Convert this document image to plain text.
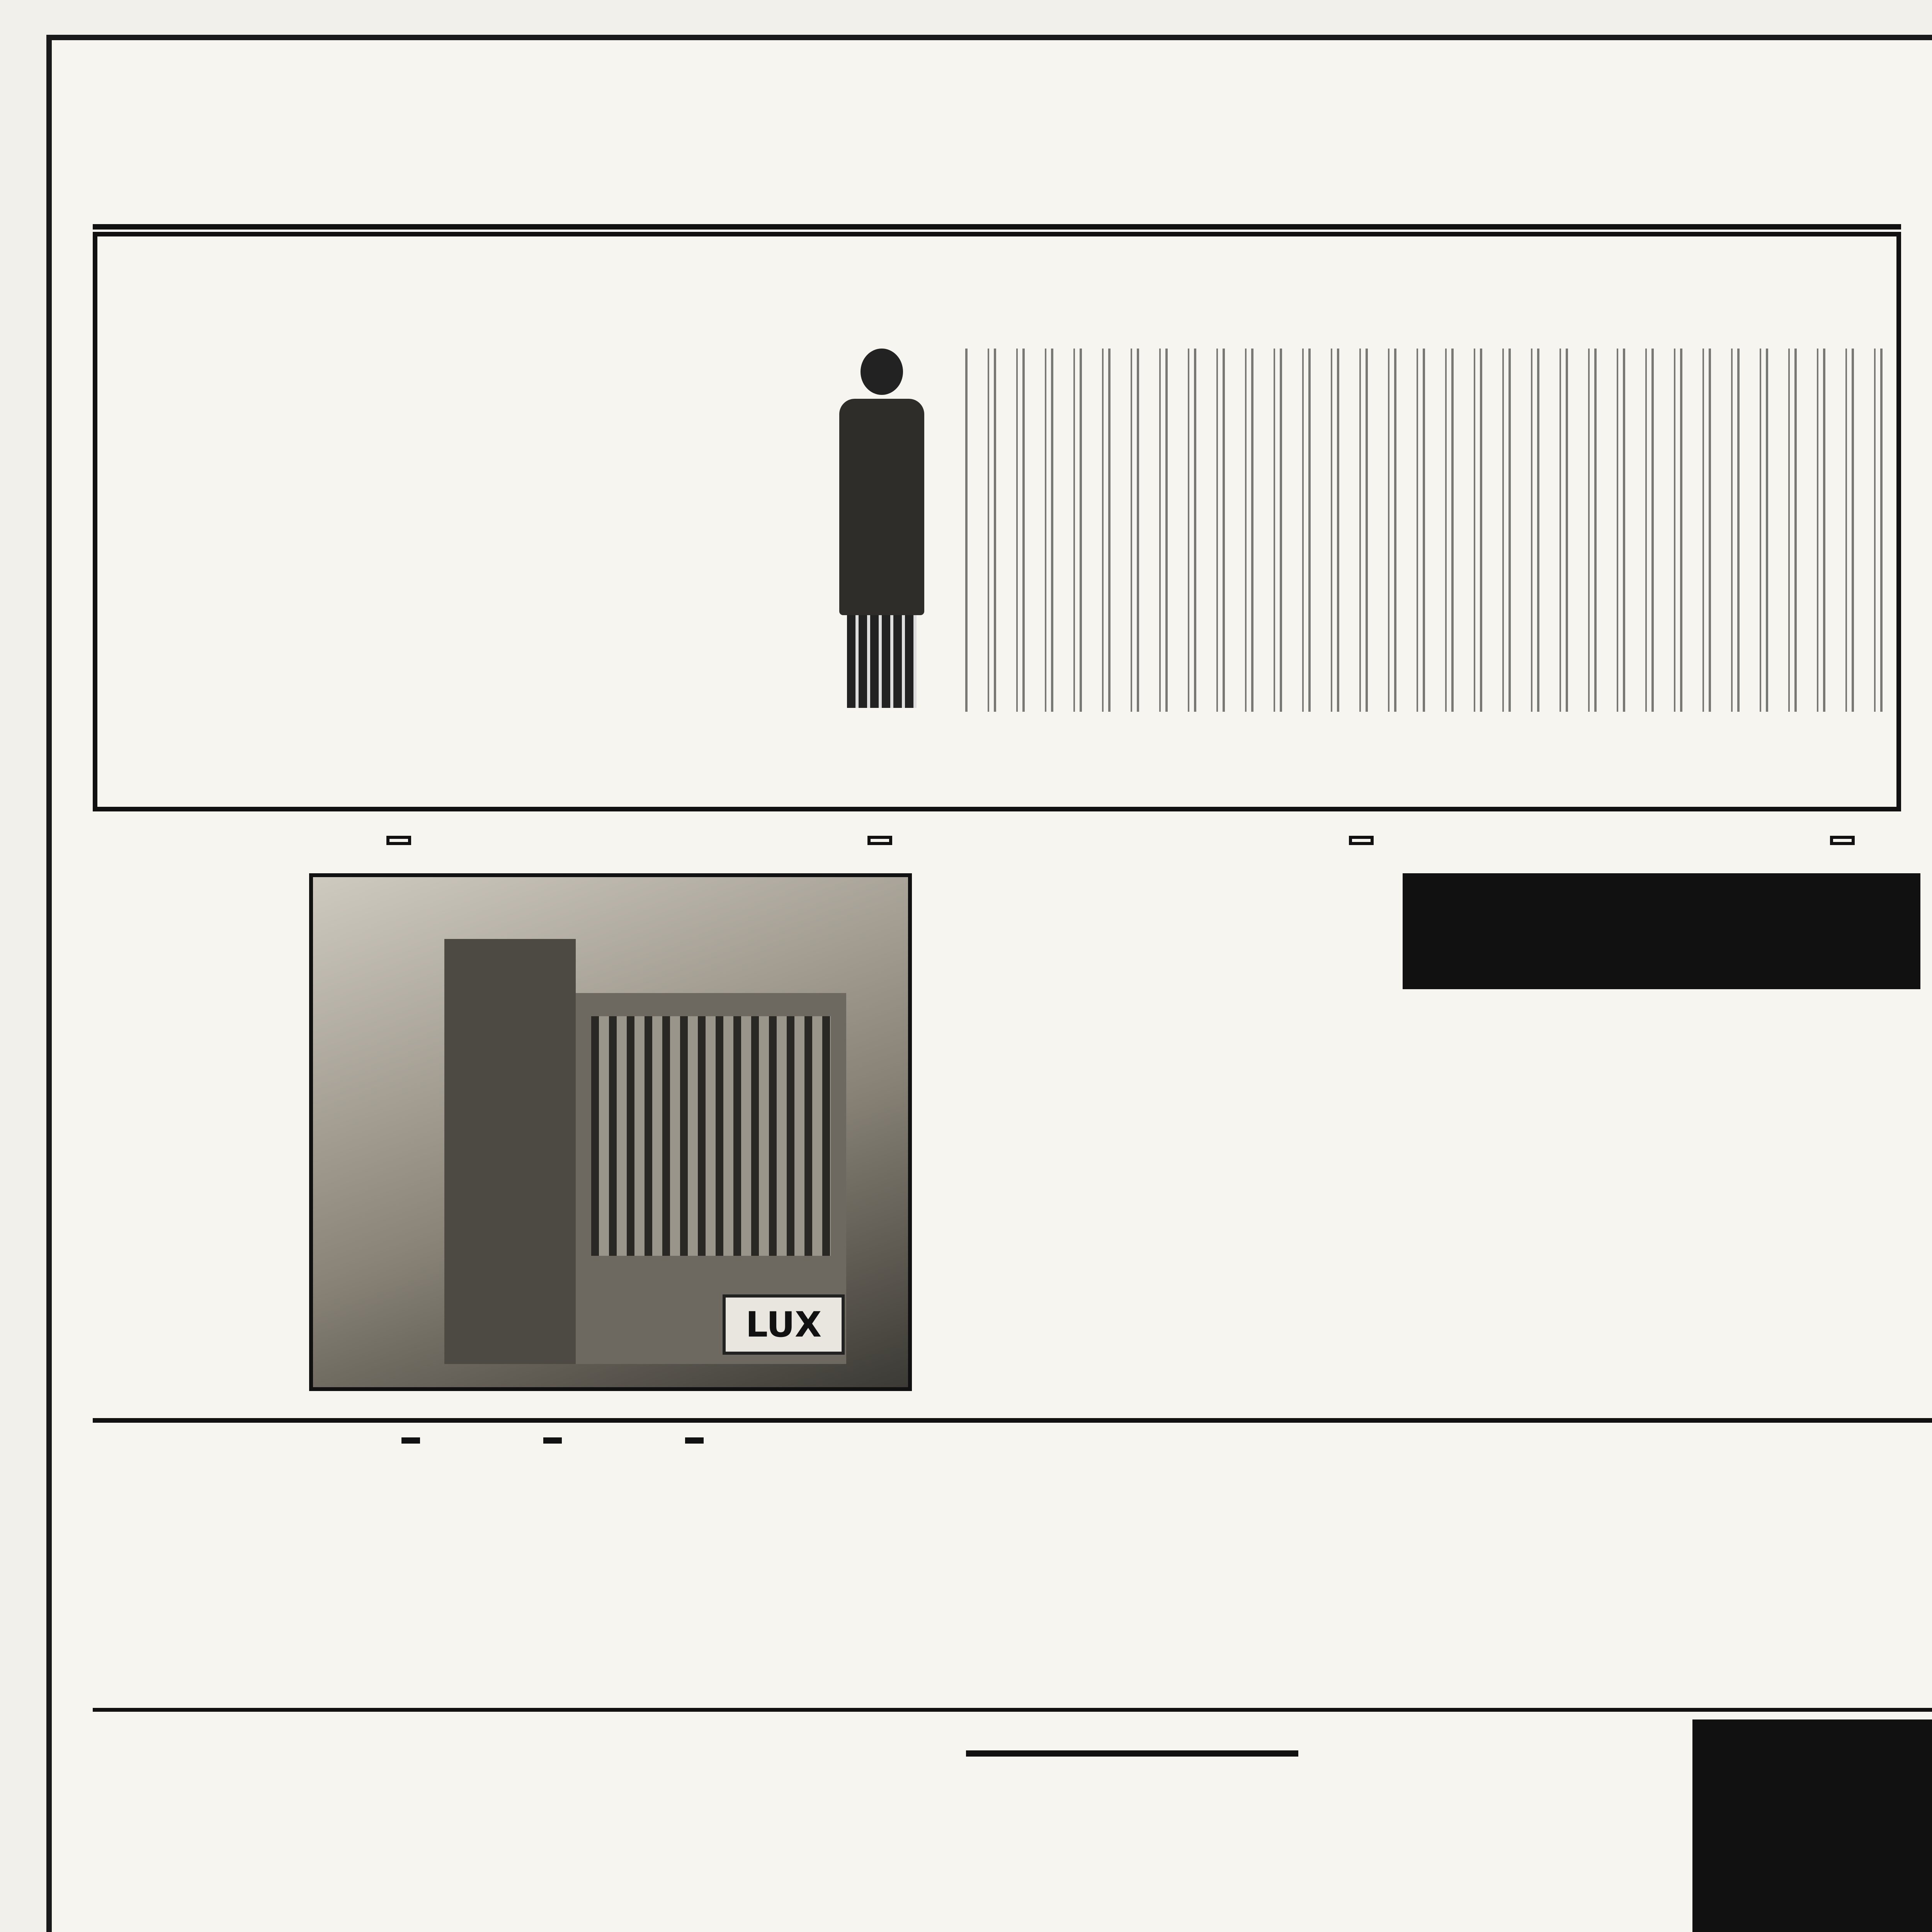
LUX
